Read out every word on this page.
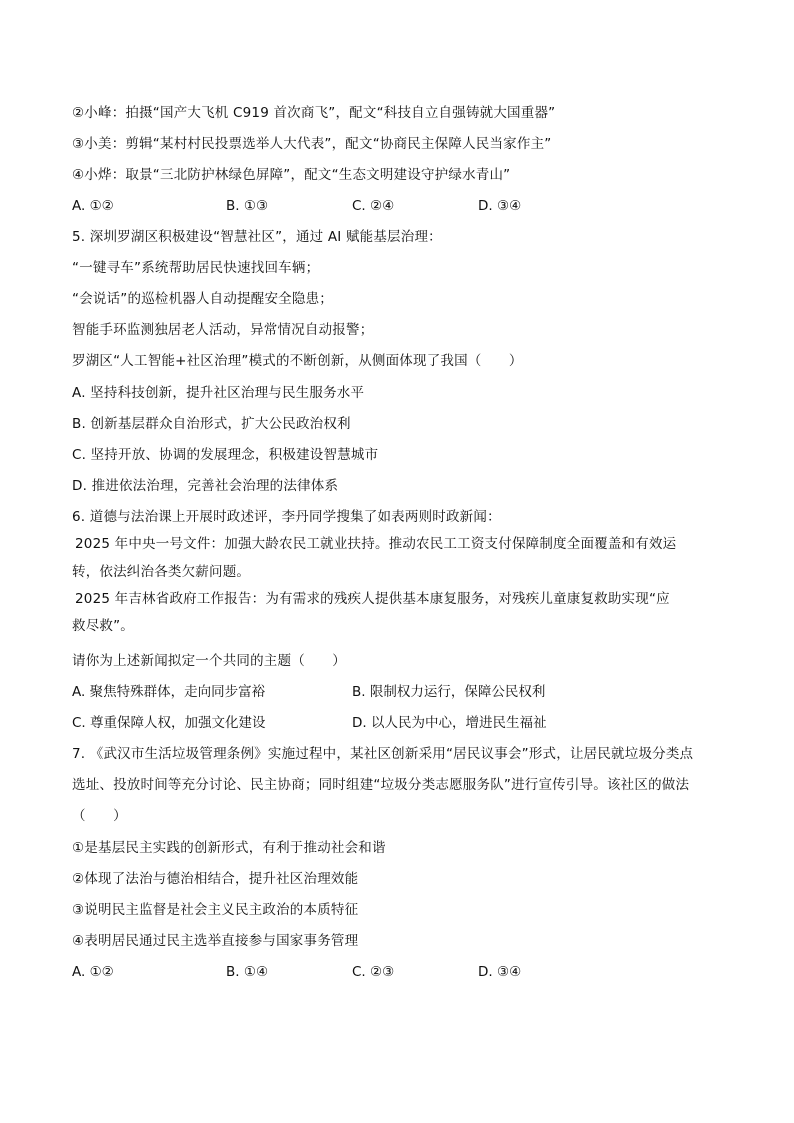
②小峰：拍摄“国产大飞机 C919 首次商飞”，配文“科技自立自强铸就大国重器”
③小美：剪辑“某村村民投票选举人大代表”，配文“协商民主保障人民当家作主”
④小烨：取景“三北防护林绿色屏障”，配文“生态文明建设守护绿水青山”
A. ①②	B. ①③	C. ②④	D. ③④
5. 深圳罗湖区积极建设“智慧社区”，通过 AI 赋能基层治理：
“一键寻车”系统帮助居民快速找回车辆；
“会说话”的巡检机器人自动提醒安全隐患；
智能手环监测独居老人活动，异常情况自动报警；
罗湖区“人工智能+社区治理”模式的不断创新，从侧面体现了我国（　　）
A. 坚持科技创新，提升社区治理与民生服务水平
B. 创新基层群众自治形式，扩大公民政治权利
C. 坚持开放、协调的发展理念，积极建设智慧城市
D. 推进依法治理，完善社会治理的法律体系
6. 道德与法治课上开展时政述评，李丹同学搜集了如表两则时政新闻：
2025 年中央一号文件：加强大龄农民工就业扶持。推动农民工工资支付保障制度全面覆盖和有效运
转，依法纠治各类欠薪问题。
2025 年吉林省政府工作报告：为有需求的残疾人提供基本康复服务，对残疾儿童康复救助实现“应
救尽救”。
请你为上述新闻拟定一个共同的主题（　　）
A. 聚焦特殊群体，走向同步富裕	B. 限制权力运行，保障公民权利
C. 尊重保障人权，加强文化建设	D. 以人民为中心，增进民生福祉
7. 《武汉市生活垃圾管理条例》实施过程中，某社区创新采用“居民议事会”形式，让居民就垃圾分类点
选址、投放时间等充分讨论、民主协商；同时组建“垃圾分类志愿服务队”进行宣传引导。该社区的做法
（　　）
①是基层民主实践的创新形式，有利于推动社会和谐
②体现了法治与德治相结合，提升社区治理效能
③说明民主监督是社会主义民主政治的本质特征
④表明居民通过民主选举直接参与国家事务管理
A. ①②	B. ①④	C. ②③	D. ③④
